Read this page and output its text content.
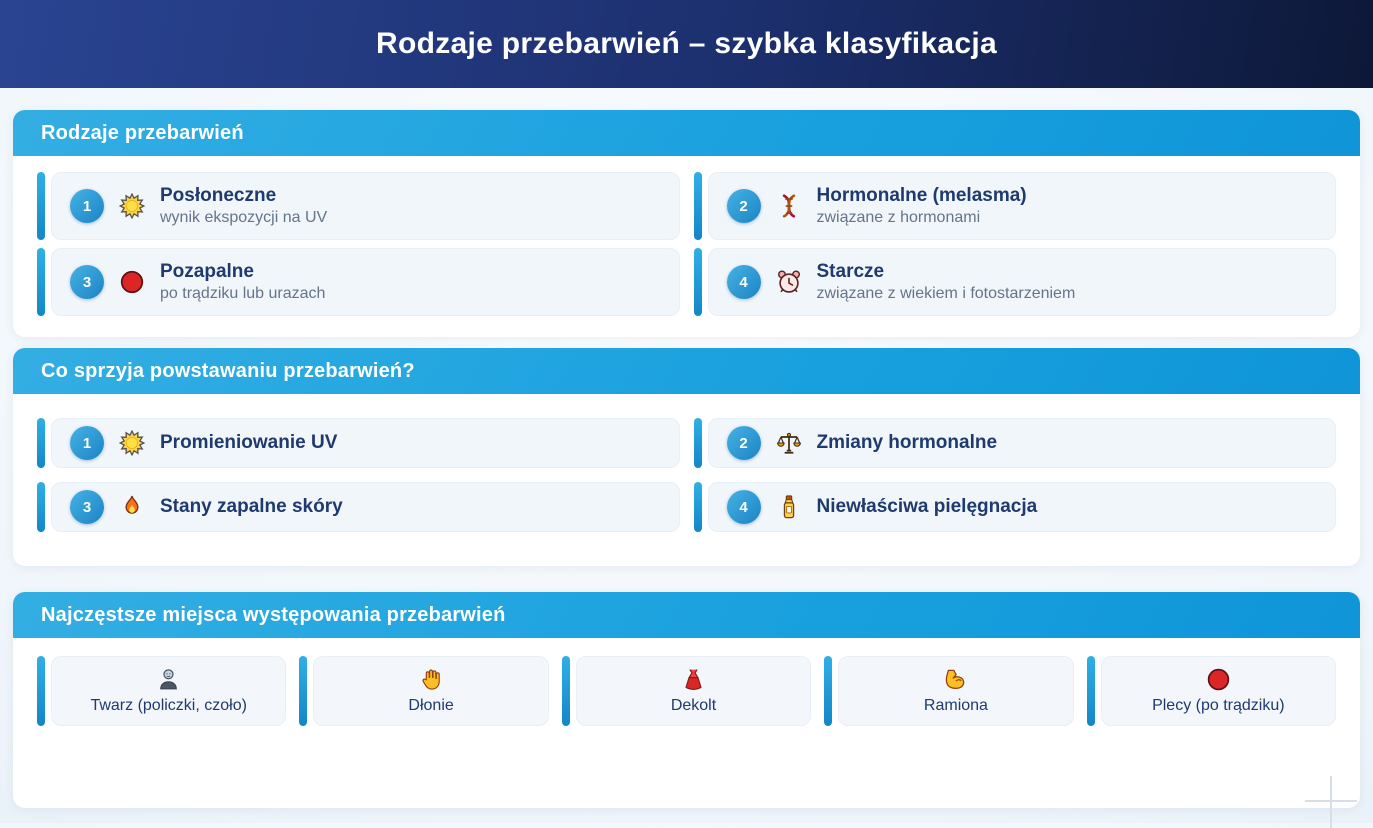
Rodzaje przebarwień – szybka klasyfikacja
Rodzaje przebarwień
1
Posłoneczne
wynik ekspozycji na UV
2
Hormonalne (melasma)
związane z hormonami
3
Pozapalne
po trądziku lub urazach
4
Starcze
związane z wiekiem i fotostarzeniem
Co sprzyja powstawaniu przebarwień?
1	Promieniowanie UV	2	Zmiany hormonalne
3	Stany zapalne skóry	4	Niewłaściwa pielęgnacja
Najczęstsze miejsca występowania przebarwień
Twarz (policzki, czoło)	Dłonie	Dekolt	Ramiona	Plecy (po trądziku)
